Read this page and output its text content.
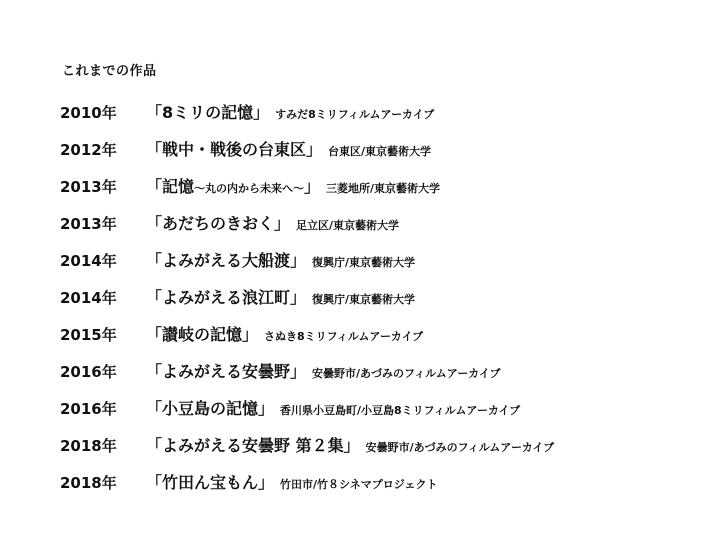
これまでの作品
2010年	「8ミリの記憶」 すみだ8ミリフィルムアーカイブ
2012年	「戦中・戦後の台東区」 台東区/東京藝術大学
2013年	「記憶〜丸の内から未来へ〜」 三菱地所/東京藝術大学
2013年	「あだちのきおく」 足立区/東京藝術大学
2014年	「よみがえる大船渡」 復興庁/東京藝術大学
2014年	「よみがえる浪江町」 復興庁/東京藝術大学
2015年	「讃岐の記憶」 さぬき8ミリフィルムアーカイブ
2016年	「よみがえる安曇野」 安曇野市/あづみのフィルムアーカイブ
2016年	「小豆島の記憶」 香川県小豆島町/小豆島8ミリフィルムアーカイブ
2018年	「よみがえる安曇野 第２集」 安曇野市/あづみのフィルムアーカイブ
2018年	「竹田ん宝もん」 竹田市/竹８シネマプロジェクト
